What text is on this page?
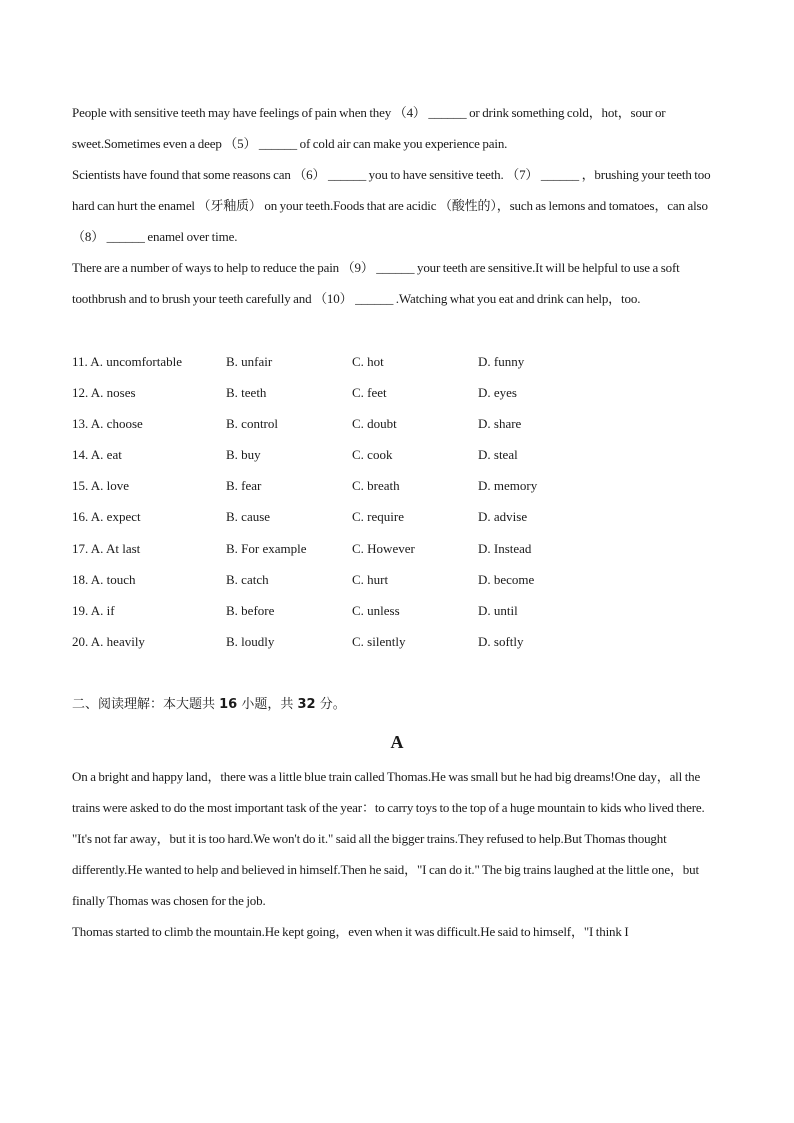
People with sensitive teeth may have feelings of pain when they （4） ______ or drink something cold，hot，sour or sweet.Sometimes even a deep （5） ______ of cold air can make you experience pain.
Scientists have found that some reasons can （6） ______ you to have sensitive teeth. （7） ______ ，brushing your teeth too hard can hurt the enamel （牙釉质） on your teeth.Foods that are acidic （酸性的），such as lemons and tomatoes，can also （8） ______ enamel over time.
There are a number of ways to help to reduce the pain （9） ______ your teeth are sensitive.It will be helpful to use a soft toothbrush and to brush your teeth carefully and （10） ______ .Watching what you eat and drink can help，too.
11. A. uncomfortable	B. unfair	C. hot	D. funny
12. A. noses	B. teeth	C. feet	D. eyes
13. A. choose	B. control	C. doubt	D. share
14. A. eat	B. buy	C. cook	D. steal
15. A. love	B. fear	C. breath	D. memory
16. A. expect	B. cause	C. require	D. advise
17. A. At last	B. For example	C. However	D. Instead
18. A. touch	B. catch	C. hurt	D. become
19. A. if	B. before	C. unless	D. until
20. A. heavily	B. loudly	C. silently	D. softly
二、阅读理解：本大题共 16 小题，共 32 分。
A
On a bright and happy land，there was a little blue train called Thomas.He was small but he had big dreams!One day，all the trains were asked to do the most important task of the year：to carry toys to the top of a huge mountain to kids who lived there.
"It's not far away，but it is too hard.We won't do it." said all the bigger trains.They refused to help.But Thomas thought differently.He wanted to help and believed in himself.Then he said，"I can do it." The big trains laughed at the little one，but finally Thomas was chosen for the job.
Thomas started to climb the mountain.He kept going，even when it was difficult.He said to himself，"I think I
